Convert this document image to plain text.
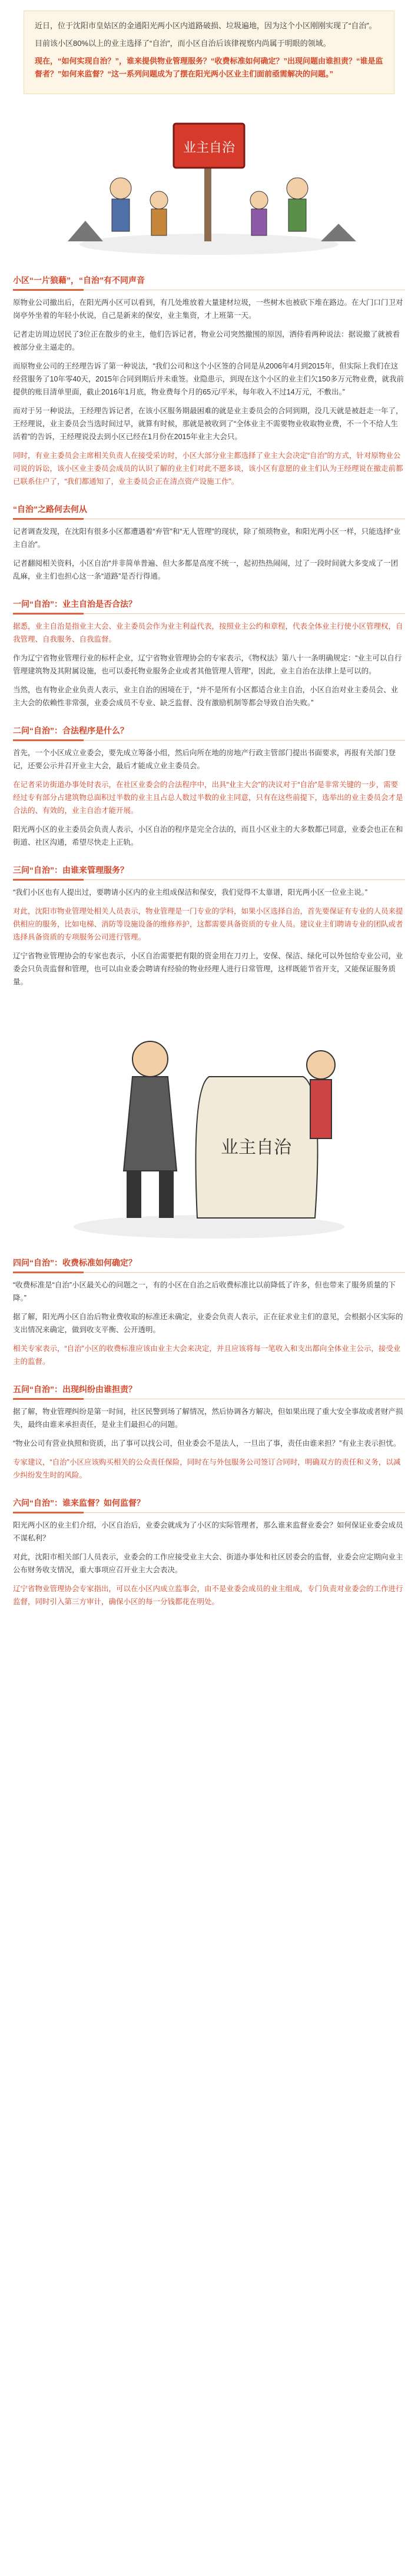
近日，位于沈阳市皇姑区的金通阳光两小区内道路破损、垃圾遍地，因为这个小区刚刚实现了“自治”。

目前该小区80%以上的业主选择了“自治”，而小区自治后该律视察内尚属于明眼的领域。

现在，“如何实现自治？”，谁来提供物业管理服务？“收费标准如何确定？”出现问题由谁担责？“谁是监督者？”如何来监督？“这一系列问题成为了摆在阳光两小区业主们面前亟需解决的问题。”

业主自治
小区“一片狼藉”，“自治”有不同声音
原物业公司撤出后，在阳光两小区可以看到，有几处堆放着大量建材垃圾，一些树木也被砍下堆在路边。在大门口门卫对岗亭外坐着的年轻小伙说，自己是新来的保安，业主集资，才上班第一天。
记者走访周边居民了3位正在散步的业主，他们告诉记者，物业公司突然撤围的原因，洒侍看两种说法：据说撤了就被看被部分业主逼走的。
而原物业公司的王经理告诉了第一种说法，“我们公司和这个小区签的合同是从2006年4月到2015年，但实际上我们在这经营服务了10年零40天，2015年合同到期后并未重签。业隐患示，到现在这个小区的业主们欠150多万元物业费，就我前提供的账目清单里面，截止2016年1月底，物业费每个月的65元/平米，每年收入不过14万元，不敷出。”
而对于另一种说法，王经理告诉记者，在该小区服务期最困难的就是业主委员会的合同到期，没几天就是被赶走一年了，王经理说，业主委员会当选时间过早，就算有时候，那就是被收到了“全体业主不需要物业收取物业费，不一个不给人生活着”的告诉，王经理说没去到小区已经在1月份在2015年业主大会只。
同时，有业主委员会主席相关负责人在接受采访时，小区大部分业主都选择了业主大会决定“自治”的方式，针对原物业公司说的诉讼，该小区业主委员会成员的认识了解的业主们对此不愿多谈，该小区有意愿的业主们认为王经理说在撤走前都已联系住户了，“我们都通知了，业主委员会正在清点资产设施工作”。
“自治”之路何去何从
记者调查发现，在沈阳有很多小区都遭遇着“弃管”和“无人管理”的现状，除了烦琐物业，和阳光两小区一样，只能选择“业主自治”。
记者翻阅相关资料，小区自治“并非简单普遍、但大多都是高度不统一，起初热热闹闹，过了一段时间就大多变成了一团乱麻，业主们也担心这一条“道路”是否行得通。
一问“自治”：业主自治是否合法？
据悉，业主自治是指业主大会、业主委员会作为业主利益代表，按照业主公约和章程，代表全体业主行使小区管理权，自我管理、自我服务、自我监督。
作为辽宁省物业管理行业的标杆企业，辽宁省物业管理协会的专家表示，《物权法》第八十一条明确规定：“业主可以自行管理建筑物及其附属设施，也可以委托物业服务企业或者其他管理人管理”，因此，业主自治在法律上是可以的。
当然，也有物业企业负责人表示，业主自治的困境在于，“并不是所有小区都适合业主自治，小区自治对业主委员会、业主大会的依赖性非常强，业委会成员不专业、缺乏监督、没有激励机制等都会导致自治失败。”
二问“自治”：合法程序是什么？
首先，一个小区成立业委会，要先成立筹备小组，然后向所在地的房地产行政主管部门提出书面要求，再报有关部门登记，还要公示并召开业主大会，最后才能成立业主委员会。
在记者采访街道办事处时表示，在社区业委会的合法程序中，出具“业主大会”的决议对于“自治”是非常关键的一步，需要经过专有部分占建筑物总面积过半数的业主且占总人数过半数的业主同意，只有在这些前提下，选举出的业主委员会才是合法的、有效的，业主自治才能开展。
阳光两小区的业主委员会负责人表示，小区自治的程序是完全合法的，而且小区业主的大多数都已同意，业委会也正在和街道、社区沟通，希望尽快走上正轨。
三问“自治”：由谁来管理服务？
“我们小区也有人提出过，要聘请小区内的业主组成保洁和保安，我们觉得不太靠谱，阳光两小区一位业主说。”
对此，沈阳市物业管理处相关人员表示，物业管理是一门专业的学科，如果小区选择自治，首先要保证有专业的人员来提供相应的服务，比如电梯、消防等设施设备的维修养护，这都需要具备资质的专业人员。建议业主们聘请专业的团队或者选择具备资质的专项服务公司进行管理。
辽宁省物业管理协会的专家也表示，小区自治需要把有限的资金用在刀刃上，安保、保洁、绿化可以外包给专业公司，业委会只负责监督和管理，也可以由业委会聘请有经验的物业经理人进行日常管理，这样既能节省开支，又能保证服务质量。
业主自治
四问“自治”：收费标准如何确定？
“收费标准是“自治”小区最关心的问题之一，有的小区在自治之后收费标准比以前降低了许多，但也带来了服务质量的下降。”
据了解，阳光两小区自治后物业费收取的标准还未确定，业委会负责人表示，正在征求业主们的意见，会根据小区实际的支出情况来确定，做到收支平衡、公开透明。
相关专家表示，“自治”小区的收费标准应该由业主大会来决定，并且应该将每一笔收入和支出都向全体业主公示，接受业主的监督。
五问“自治”：出现纠纷由谁担责？
据了解，物业管理纠纷是第一时间，社区民警到场了解情况，然后协调各方解决，但如果出现了重大安全事故或者财产损失，最终由谁来承担责任，是业主们最担心的问题。
“物业公司有营业执照和资质，出了事可以找公司，但业委会不是法人，一旦出了事，责任由谁来担？”有业主表示担忧。
专家建议，“自治”小区应该购买相关的公众责任保险，同时在与外包服务公司签订合同时，明确双方的责任和义务，以减少纠纷发生时的风险。
六问“自治”：谁来监督？如何监督？
阳光两小区的业主们介绍，小区自治后，业委会就成为了小区的实际管理者，那么谁来监督业委会？如何保证业委会成员不谋私利？
对此，沈阳市相关部门人员表示，业委会的工作应接受业主大会、街道办事处和社区居委会的监督，业委会应定期向业主公布财务收支情况，重大事项应召开业主大会表决。
辽宁省物业管理协会专家指出，可以在小区内成立监事会，由不是业委会成员的业主组成，专门负责对业委会的工作进行监督，同时引入第三方审计，确保小区的每一分钱都花在明处。
